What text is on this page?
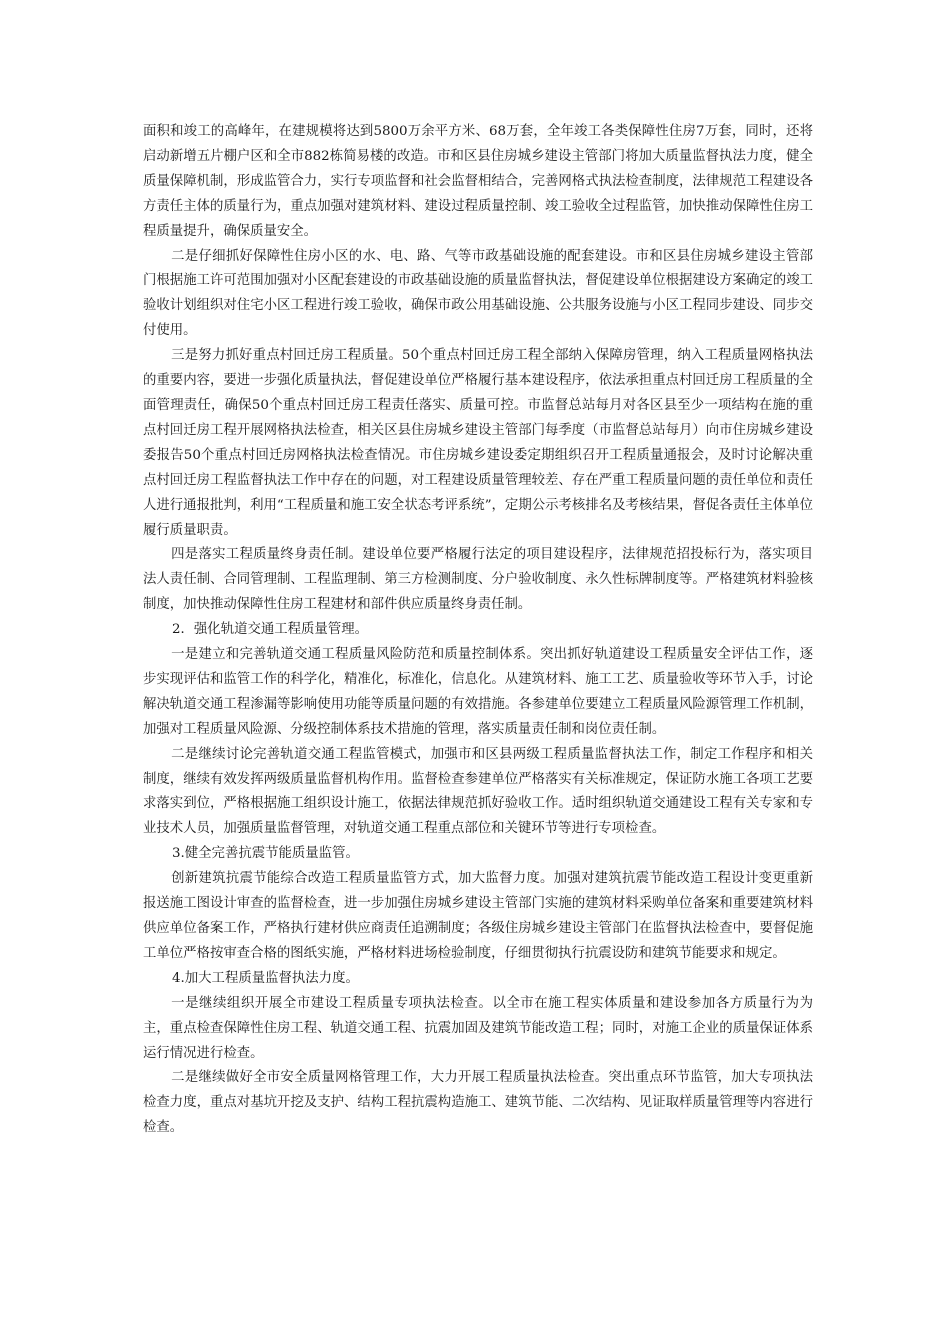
面积和竣工的高峰年，在建规模将达到5800万余平方米、68万套，全年竣工各类保障性住房7万套，同时，还将启动新增五片棚户区和全市882栋简易楼的改造。市和区县住房城乡建设主管部门将加大质量监督执法力度，健全质量保障机制，形成监管合力，实行专项监督和社会监督相结合，完善网格式执法检查制度，法律规范工程建设各方责任主体的质量行为，重点加强对建筑材料、建设过程质量控制、竣工验收全过程监管，加快推动保障性住房工程质量提升，确保质量安全。

二是仔细抓好保障性住房小区的水、电、路、气等市政基础设施的配套建设。市和区县住房城乡建设主管部门根据施工许可范围加强对小区配套建设的市政基础设施的质量监督执法，督促建设单位根据建设方案确定的竣工验收计划组织对住宅小区工程进行竣工验收，确保市政公用基础设施、公共服务设施与小区工程同步建设、同步交付使用。

三是努力抓好重点村回迁房工程质量。50个重点村回迁房工程全部纳入保障房管理，纳入工程质量网格执法的重要内容，要进一步强化质量执法，督促建设单位严格履行基本建设程序，依法承担重点村回迁房工程质量的全面管理责任，确保50个重点村回迁房工程责任落实、质量可控。市监督总站每月对各区县至少一项结构在施的重点村回迁房工程开展网格执法检查，相关区县住房城乡建设主管部门每季度（市监督总站每月）向市住房城乡建设委报告50个重点村回迁房网格执法检查情况。市住房城乡建设委定期组织召开工程质量通报会，及时讨论解决重点村回迁房工程监督执法工作中存在的问题，对工程建设质量管理较差、存在严重工程质量问题的责任单位和责任人进行通报批判，利用“工程质量和施工安全状态考评系统”，定期公示考核排名及考核结果，督促各责任主体单位履行质量职责。

四是落实工程质量终身责任制。建设单位要严格履行法定的项目建设程序，法律规范招投标行为，落实项目法人责任制、合同管理制、工程监理制、第三方检测制度、分户验收制度、永久性标牌制度等。严格建筑材料验核制度，加快推动保障性住房工程建材和部件供应质量终身责任制。

2．强化轨道交通工程质量管理。

一是建立和完善轨道交通工程质量风险防范和质量控制体系。突出抓好轨道建设工程质量安全评估工作，逐步实现评估和监管工作的科学化，精准化，标准化，信息化。从建筑材料、施工工艺、质量验收等环节入手，讨论解决轨道交通工程渗漏等影响使用功能等质量问题的有效措施。各参建单位要建立工程质量风险源管理工作机制，加强对工程质量风险源、分级控制体系技术措施的管理，落实质量责任制和岗位责任制。

二是继续讨论完善轨道交通工程监管模式，加强市和区县两级工程质量监督执法工作，制定工作程序和相关制度，继续有效发挥两级质量监督机构作用。监督检查参建单位严格落实有关标准规定，保证防水施工各项工艺要求落实到位，严格根据施工组织设计施工，依据法律规范抓好验收工作。适时组织轨道交通建设工程有关专家和专业技术人员，加强质量监督管理，对轨道交通工程重点部位和关键环节等进行专项检查。

3.健全完善抗震节能质量监管。

创新建筑抗震节能综合改造工程质量监管方式，加大监督力度。加强对建筑抗震节能改造工程设计变更重新报送施工图设计审查的监督检查，进一步加强住房城乡建设主管部门实施的建筑材料采购单位备案和重要建筑材料供应单位备案工作，严格执行建材供应商责任追溯制度；各级住房城乡建设主管部门在监督执法检查中，要督促施工单位严格按审查合格的图纸实施，严格材料进场检验制度，仔细贯彻执行抗震设防和建筑节能要求和规定。

4.加大工程质量监督执法力度。

一是继续组织开展全市建设工程质量专项执法检查。以全市在施工程实体质量和建设参加各方质量行为为主，重点检查保障性住房工程、轨道交通工程、抗震加固及建筑节能改造工程；同时，对施工企业的质量保证体系运行情况进行检查。

二是继续做好全市安全质量网格管理工作，大力开展工程质量执法检查。突出重点环节监管，加大专项执法检查力度，重点对基坑开挖及支护、结构工程抗震构造施工、建筑节能、二次结构、见证取样质量管理等内容进行检查。
